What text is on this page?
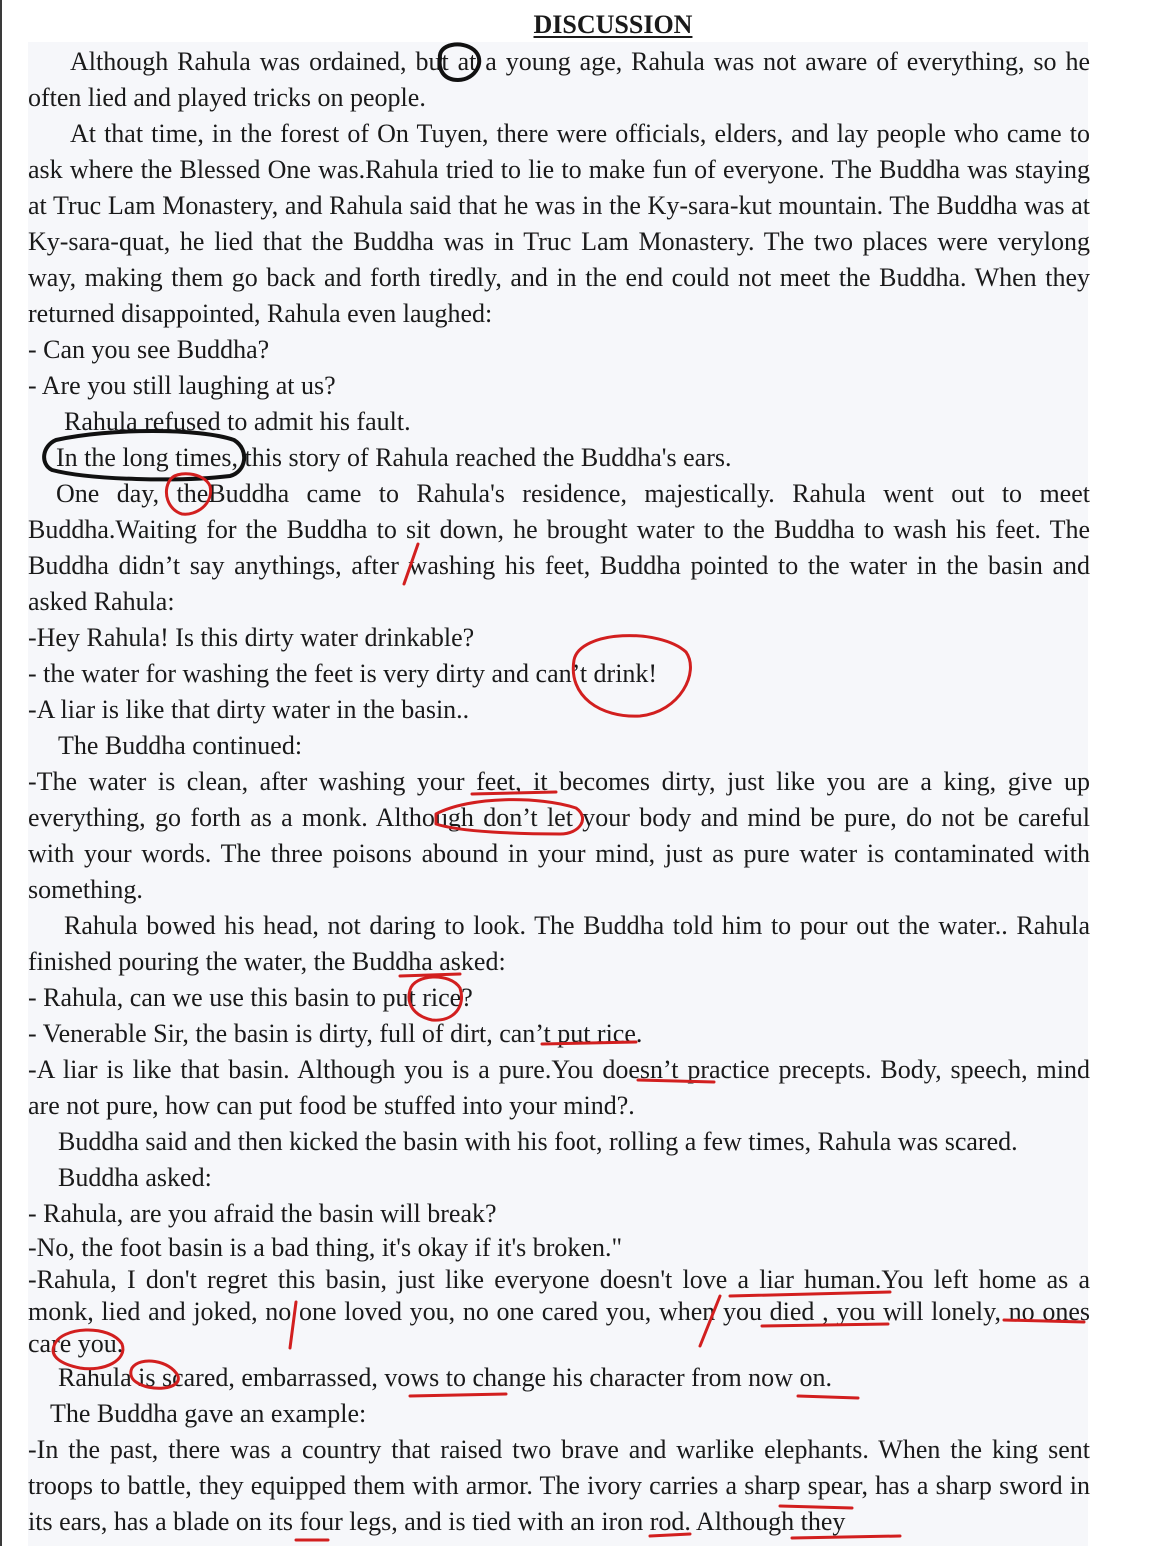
DISCUSSION

Although Rahula was ordained, but at a young age, Rahula was not aware of everything, so he often lied and played tricks on people.

At that time, in the forest of On Tuyen, there were officials, elders, and lay people who came to ask where the Blessed One was.Rahula tried to lie to make fun of everyone. The Buddha was staying at Truc Lam Monastery, and Rahula said that he was in the Ky-sara-kut mountain. The Buddha was at Ky-sara-quat, he lied that the Buddha was in Truc Lam Monastery. The two places were verylong way, making them go back and forth tiredly, and in the end could not meet the Buddha. When they returned disappointed, Rahula even laughed:

- Can you see Buddha?

- Are you still laughing at us?

Rahula refused to admit his fault.

In the long times, this story of Rahula reached the Buddha's ears.

One day, theBuddha came to Rahula's residence, majestically. Rahula went out to meet Buddha.Waiting for the Buddha to sit down, he brought water to the Buddha to wash his feet. The Buddha didn’t say anythings, after washing his feet, Buddha pointed to the water in the basin and asked Rahula:

-Hey Rahula! Is this dirty water drinkable?

- the water for washing the feet is very dirty and can’t drink!

-A liar is like that dirty water in the basin..

The Buddha continued:

-The water is clean, after washing your feet, it becomes dirty, just like you are a king, give up everything, go forth as a monk. Although don’t let your body and mind be pure, do not be careful with your words. The three poisons abound in your mind, just as pure water is contaminated with something.

Rahula bowed his head, not daring to look. The Buddha told him to pour out the water.. Rahula finished pouring the water, the Buddha asked:

- Rahula, can we use this basin to put rice?

- Venerable Sir, the basin is dirty, full of dirt, can’t put rice.

-A liar is like that basin. Although you is a pure.You doesn’t practice precepts. Body, speech, mind are not pure, how can put food be stuffed into your mind?.

Buddha said and then kicked the basin with his foot, rolling a few times, Rahula was scared.

Buddha asked:

- Rahula, are you afraid the basin will break?

-No, the foot basin is a bad thing, it's okay if it's broken."

-Rahula, I don't regret this basin, just like everyone doesn't love a liar human.You left home as a monk, lied and joked, no one loved you, no one cared you, when you died , you will lonely, no ones care you.

Rahula is scared, embarrassed, vows to change his character from now on.

The Buddha gave an example:

-In the past, there was a country that raised two brave and warlike elephants. When the king sent troops to battle, they equipped them with armor. The ivory carries a sharp spear, has a sharp sword in its ears, has a blade on its four legs, and is tied with an iron rod. Although they
